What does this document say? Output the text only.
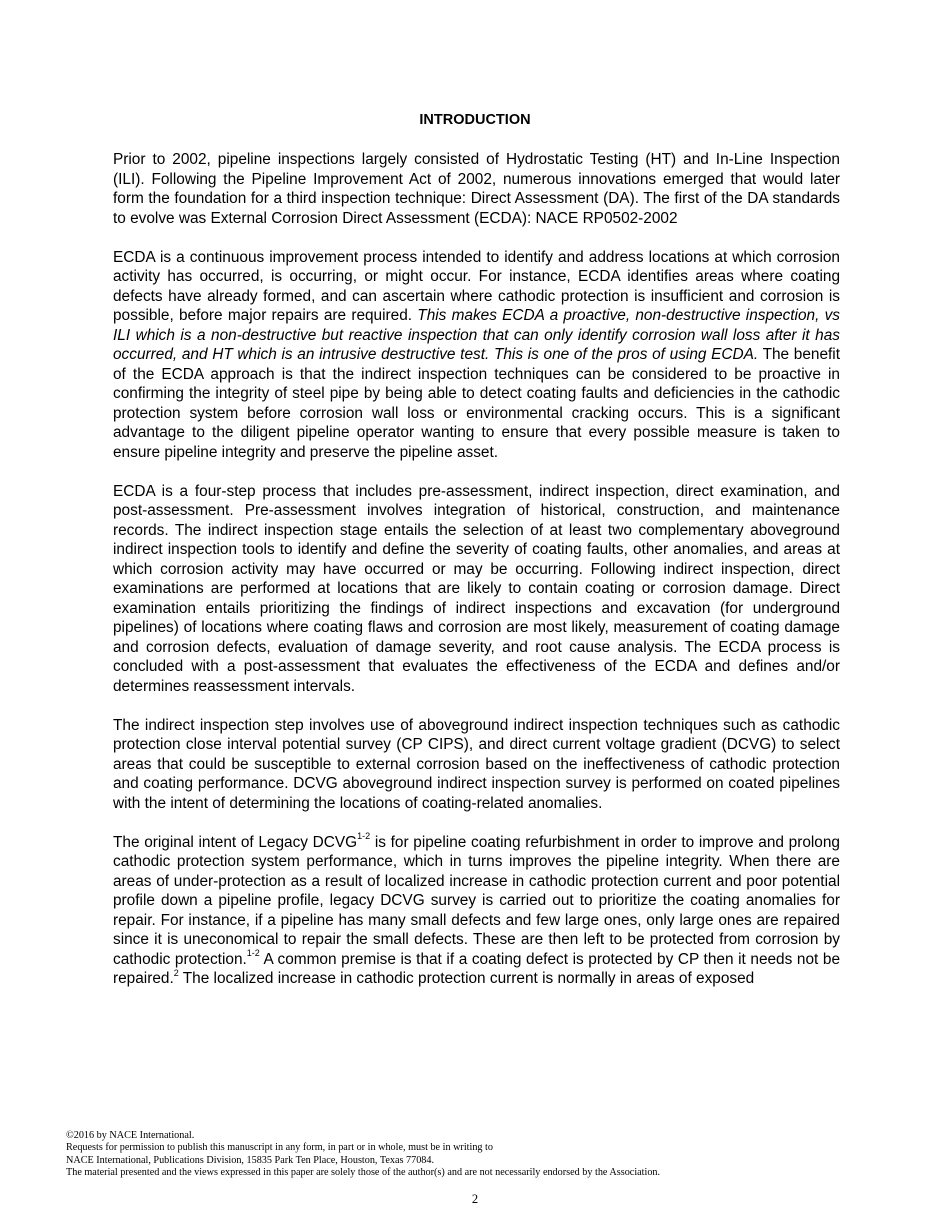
INTRODUCTION

Prior to 2002, pipeline inspections largely consisted of Hydrostatic Testing (HT) and In-Line Inspection (ILI). Following the Pipeline Improvement Act of 2002, numerous innovations emerged that would later form the foundation for a third inspection technique: Direct Assessment (DA). The first of the DA standards to evolve was External Corrosion Direct Assessment (ECDA): NACE RP0502-2002

ECDA is a continuous improvement process intended to identify and address locations at which corrosion activity has occurred, is occurring, or might occur. For instance, ECDA identifies areas where coating defects have already formed, and can ascertain where cathodic protection is insufficient and corrosion is possible, before major repairs are required. This makes ECDA a proactive, non-destructive inspection, vs ILI which is a non-destructive but reactive inspection that can only identify corrosion wall loss after it has occurred, and HT which is an intrusive destructive test. This is one of the pros of using ECDA. The benefit of the ECDA approach is that the indirect inspection techniques can be considered to be proactive in confirming the integrity of steel pipe by being able to detect coating faults and deficiencies in the cathodic protection system before corrosion wall loss or environmental cracking occurs. This is a significant advantage to the diligent pipeline operator wanting to ensure that every possible measure is taken to ensure pipeline integrity and preserve the pipeline asset.

ECDA is a four-step process that includes pre-assessment, indirect inspection, direct examination, and post-assessment. Pre-assessment involves integration of historical, construction, and maintenance records. The indirect inspection stage entails the selection of at least two complementary aboveground indirect inspection tools to identify and define the severity of coating faults, other anomalies, and areas at which corrosion activity may have occurred or may be occurring. Following indirect inspection, direct examinations are performed at locations that are likely to contain coating or corrosion damage. Direct examination entails prioritizing the findings of indirect inspections and excavation (for underground pipelines) of locations where coating flaws and corrosion are most likely, measurement of coating damage and corrosion defects, evaluation of damage severity, and root cause analysis. The ECDA process is concluded with a post-assessment that evaluates the effectiveness of the ECDA and defines and/or determines reassessment intervals.

The indirect inspection step involves use of aboveground indirect inspection techniques such as cathodic protection close interval potential survey (CP CIPS), and direct current voltage gradient (DCVG) to select areas that could be susceptible to external corrosion based on the ineffectiveness of cathodic protection and coating performance. DCVG aboveground indirect inspection survey is performed on coated pipelines with the intent of determining the locations of coating-related anomalies.

The original intent of Legacy DCVG$^{1-2}$ is for pipeline coating refurbishment in order to improve and prolong cathodic protection system performance, which in turns improves the pipeline integrity. When there are areas of under-protection as a result of localized increase in cathodic protection current and poor potential profile down a pipeline profile, legacy DCVG survey is carried out to prioritize the coating anomalies for repair. For instance, if a pipeline has many small defects and few large ones, only large ones are repaired since it is uneconomical to repair the small defects. These are then left to be protected from corrosion by cathodic protection.$^{1-2}$ A common premise is that if a coating defect is protected by CP then it needs not be repaired.$^2$ The localized increase in cathodic protection current is normally in areas of exposed

©2016 by NACE International.
Requests for permission to publish this manuscript in any form, in part or in whole, must be in writing to
NACE International, Publications Division, 15835 Park Ten Place, Houston, Texas 77084.
The material presented and the views expressed in this paper are solely those of the author(s) and are not necessarily endorsed by the Association.
2
